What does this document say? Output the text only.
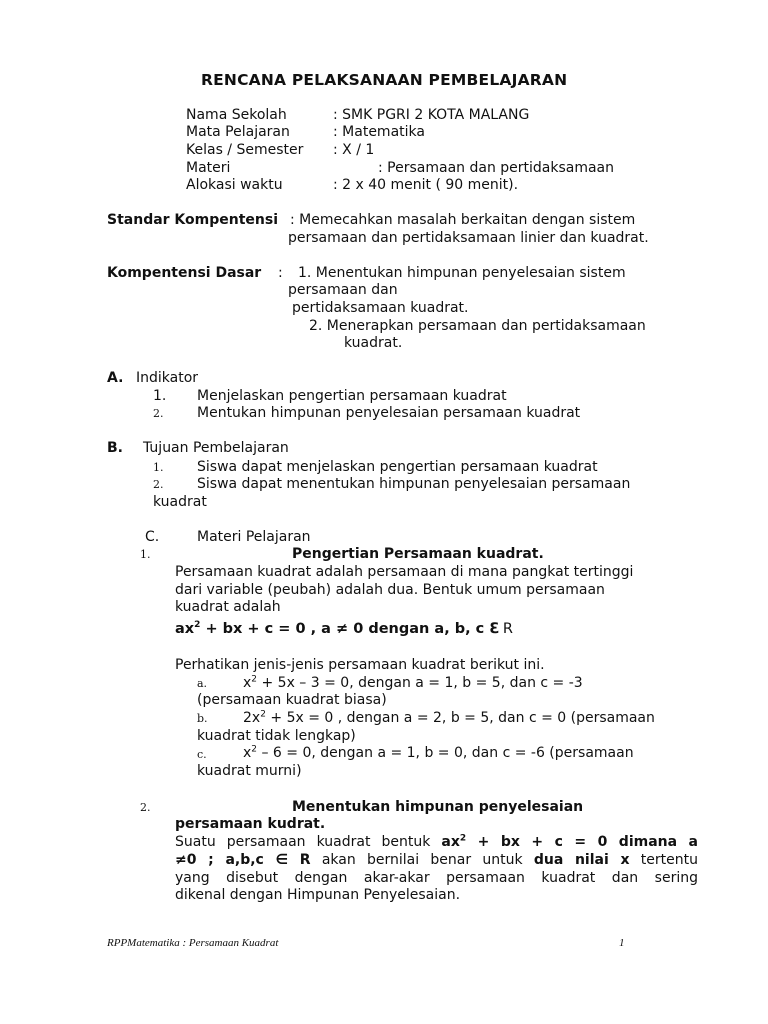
RENCANA PELAKSANAAN PEMBELAJARAN
Nama Sekolah	: SMK PGRI 2 KOTA MALANG
Mata Pelajaran	: Matematika
Kelas / Semester : X / 1
Materi	: Persamaan dan pertidaksamaan
Alokasi waktu	: 2 x 40 menit ( 90 menit).
Standar Kompentensi : Memecahkan masalah berkaitan dengan sistem
persamaan dan pertidaksamaan linier dan kuadrat.
Kompentensi Dasar : 1. Menentukan himpunan penyelesaian sistem
persamaan dan
pertidaksamaan kuadrat.
2. Menerapkan persamaan dan pertidaksamaan
kuadrat.
A. Indikator
1. Menjelaskan pengertian persamaan kuadrat
2. Mentukan himpunan penyelesaian persamaan kuadrat
B. Tujuan Pembelajaran
1. Siswa dapat menjelaskan pengertian persamaan kuadrat
2. Siswa dapat menentukan himpunan penyelesaian persamaan
kuadrat
C.	Materi Pelajaran
1.	Pengertian Persamaan kuadrat.
Persamaan kuadrat adalah persamaan di mana pangkat tertinggi
dari variable (peubah) adalah dua. Bentuk umum persamaan
kuadrat adalah
$ax^2$ + bx + c = 0 , a ≠ 0 dengan a, b, c ℇ R
Perhatikan jenis-jenis persamaan kuadrat berikut ini.
a.	$x^2 + 5x - 3 = 0$, dengan a = 1, b = 5, dan c = -3
(persamaan kuadrat biasa)
b.	$2x^2 + 5x = 0$ , dengan a = 2, b = 5, dan c = 0 (persamaan
kuadrat tidak lengkap)
c.	$x^2 - 6 = 0$, dengan a = 1, b = 0, dan c = -6 (persamaan
kuadrat murni)
2.	Menentukan himpunan penyelesaian
persamaan kudrat.
Suatu persamaan kuadrat bentuk $ax^2$ + bx + c = 0 dimana a
≠0 ; a,b,c ∈ R akan bernilai benar untuk dua nilai x tertentu
yang disebut dengan akar-akar persamaan kuadrat dan sering
dikenal dengan Himpunan Penyelesaian.
RPPMatematika : Persamaan Kuadrat	1
